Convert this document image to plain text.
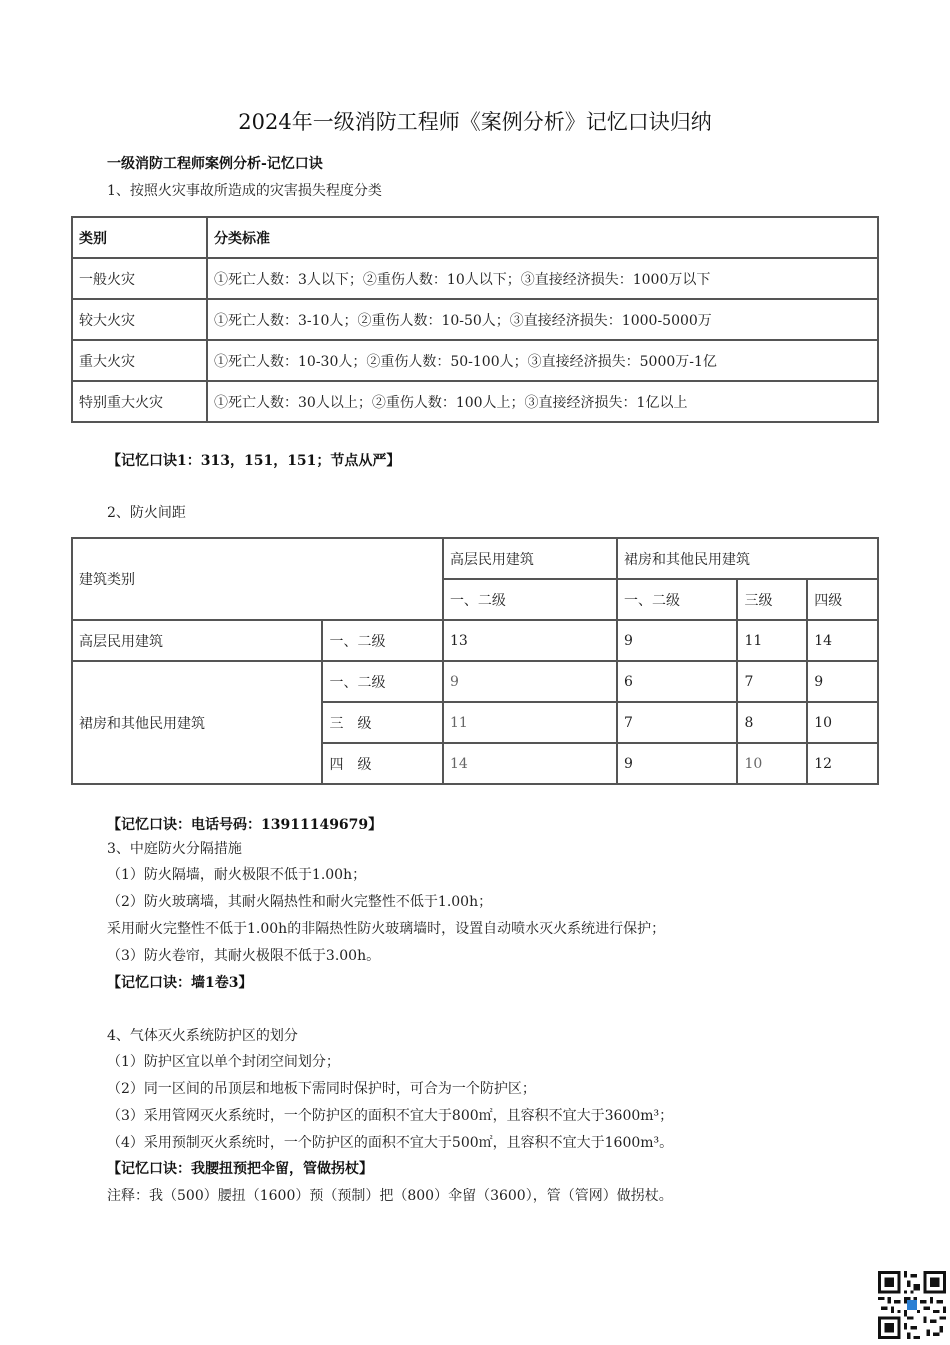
2024年一级消防工程师《案例分析》记忆口诀归纳
一级消防工程师案例分析-记忆口诀
1、按照火灾事故所造成的灾害损失程度分类
类别	分类标准
一般火灾	①死亡人数：3人以下；②重伤人数：10人以下；③直接经济损失：1000万以下
较大火灾	①死亡人数：3-10人；②重伤人数：10-50人；③直接经济损失：1000-5000万
重大火灾	①死亡人数：10-30人；②重伤人数：50-100人；③直接经济损失：5000万-1亿
特别重大火灾	①死亡人数：30人以上；②重伤人数：100人上；③直接经济损失：1亿以上
【记忆口诀1：313，151，151；节点从严】
2、防火间距
建筑类别		高层民用建筑	裙房和其他民用建筑		
		一、二级	一、二级	三级	四级
高层民用建筑	一、二级	13	9	11	14
裙房和其他民用建筑	一、二级	9	6	7	9
	三　级	11	7	8	10
	四　级	14	9	10	12
【记忆口诀：电话号码：13911149679】
3、中庭防火分隔措施
（1）防火隔墙，耐火极限不低于1.00h；
（2）防火玻璃墙，其耐火隔热性和耐火完整性不低于1.00h；
采用耐火完整性不低于1.00h的非隔热性防火玻璃墙时，设置自动喷水灭火系统进行保护；
（3）防火卷帘，其耐火极限不低于3.00h。
【记忆口诀：墙1卷3】
4、气体灭火系统防护区的划分
（1）防护区宜以单个封闭空间划分；
（2）同一区间的吊顶层和地板下需同时保护时，可合为一个防护区；
（3）采用管网灭火系统时，一个防护区的面积不宜大于800㎡，且容积不宜大于3600m³；
（4）采用预制灭火系统时，一个防护区的面积不宜大于500㎡，且容积不宜大于1600m³。
【记忆口诀：我腰扭预把伞留，管做拐杖】
注释：我（500）腰扭（1600）预（预制）把（800）伞留（3600），管（管网）做拐杖。
